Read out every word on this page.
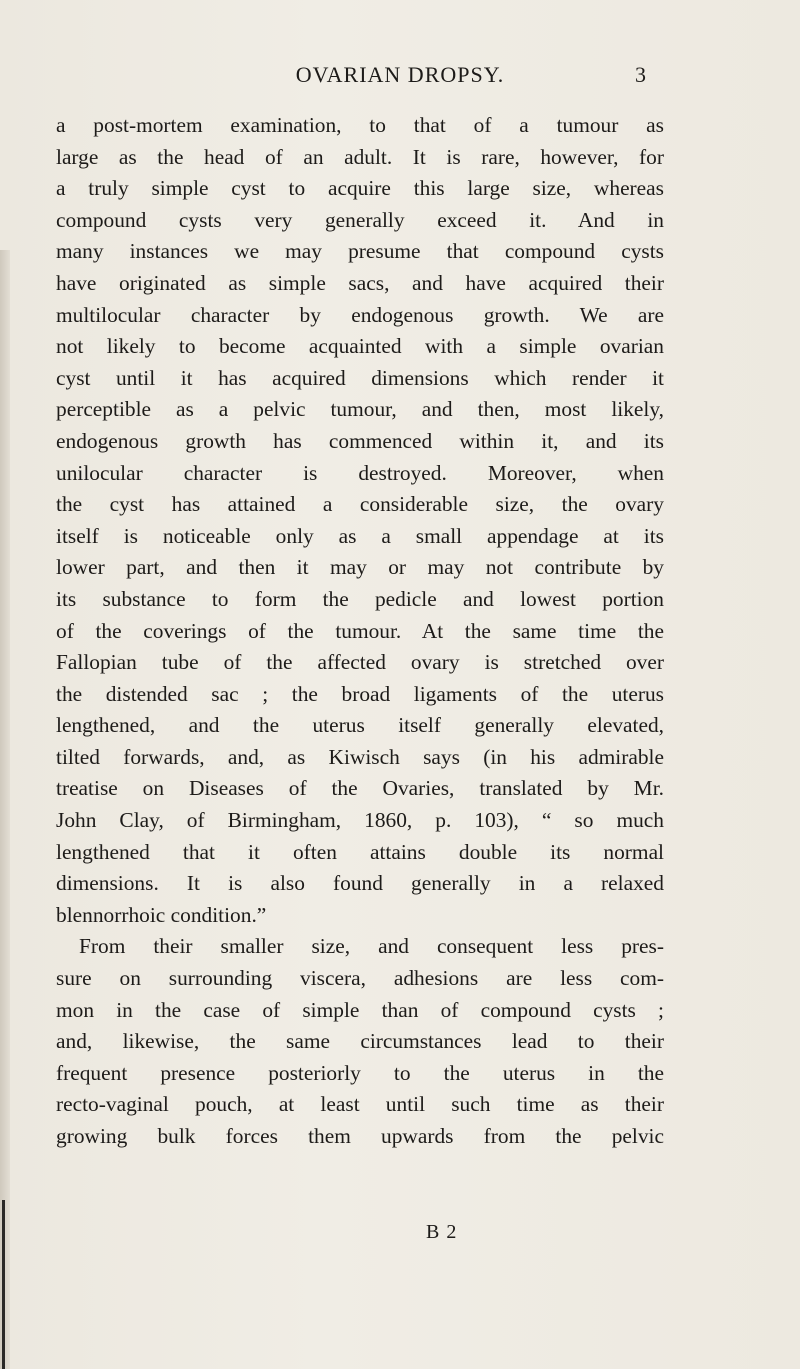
OVARIAN DROPSY.	3
a post-mortem examination, to that of a tumour as
large as the head of an adult. It is rare, however, for
a truly simple cyst to acquire this large size, whereas
compound cysts very generally exceed it. And in
many instances we may presume that compound cysts
have originated as simple sacs, and have acquired their
multilocular character by endogenous growth. We are
not likely to become acquainted with a simple ovarian
cyst until it has acquired dimensions which render it
perceptible as a pelvic tumour, and then, most likely,
endogenous growth has commenced within it, and its
unilocular character is destroyed. Moreover, when
the cyst has attained a considerable size, the ovary
itself is noticeable only as a small appendage at its
lower part, and then it may or may not contribute by
its substance to form the pedicle and lowest portion
of the coverings of the tumour. At the same time the
Fallopian tube of the affected ovary is stretched over
the distended sac ; the broad ligaments of the uterus
lengthened, and the uterus itself generally elevated,
tilted forwards, and, as Kiwisch says (in his admirable
treatise on Diseases of the Ovaries, translated by Mr.
John Clay, of Birmingham, 1860, p. 103), “ so much
lengthened that it often attains double its normal
dimensions. It is also found generally in a relaxed
blennorrhoic condition.”
From their smaller size, and consequent less pres-
sure on surrounding viscera, adhesions are less com-
mon in the case of simple than of compound cysts ;
and, likewise, the same circumstances lead to their
frequent presence posteriorly to the uterus in the
recto-vaginal pouch, at least until such time as their
growing bulk forces them upwards from the pelvic
B 2
